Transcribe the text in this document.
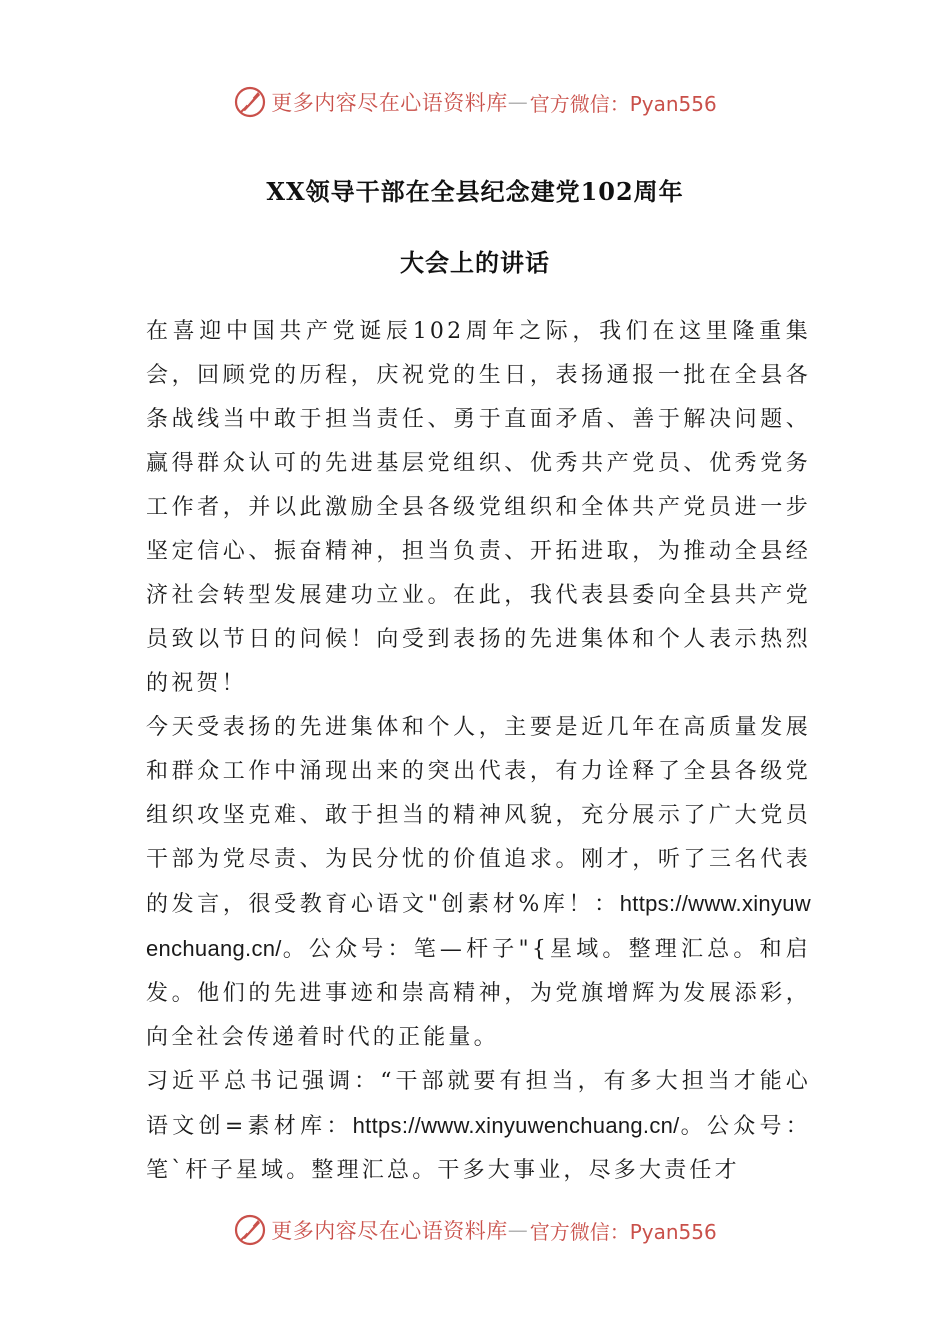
更多内容尽在心语资料库 — 官方微信：Pyan556
XX领导干部在全县纪念建党102周年
大会上的讲话

在喜迎中国共产党诞辰102周年之际，我们在这里隆重集会，回顾党的历程，庆祝党的生日，表扬通报一批在全县各条战线当中敢于担当责任、勇于直面矛盾、善于解决问题、赢得群众认可的先进基层党组织、优秀共产党员、优秀党务工作者，并以此激励全县各级党组织和全体共产党员进一步坚定信心、振奋精神，担当负责、开拓进取，为推动全县经济社会转型发展建功立业。在此，我代表县委向全县共产党员致以节日的问候！向受到表扬的先进集体和个人表示热烈的祝贺！

今天受表扬的先进集体和个人，主要是近几年在高质量发展和群众工作中涌现出来的突出代表，有力诠释了全县各级党组织攻坚克难、敢于担当的精神风貌，充分展示了广大党员干部为党尽责、为民分忧的价值追求。刚才，听了三名代表的发言，很受教育心语文"创素材%库！：https://www.xinyuwenchuang.cn/。公众号：笔—杆子"{星域。整理汇总。和启发。他们的先进事迹和崇高精神，为党旗增辉为发展添彩，向全社会传递着时代的正能量。

习近平总书记强调：“干部就要有担当，有多大担当才能心语文创=素材库：https://www.xinyuwenchuang.cn/。公众号：笔`杆子星域。整理汇总。干多大事业，尽多大责任才

更多内容尽在心语资料库 — 官方微信：Pyan556
